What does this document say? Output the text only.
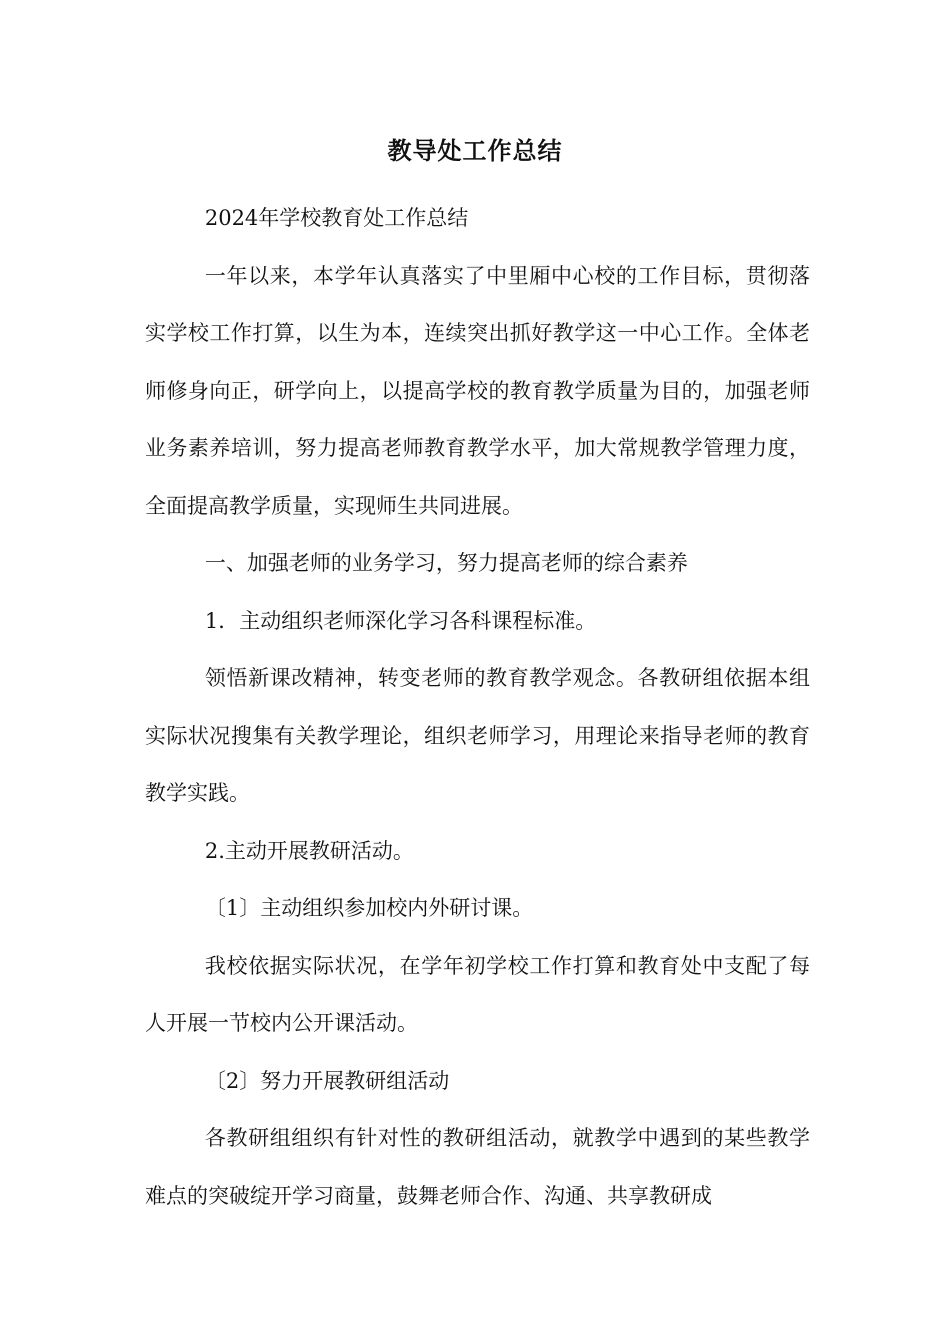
教导处工作总结

2024年学校教育处工作总结

一年以来，本学年认真落实了中里厢中心校的工作目标，贯彻落实学校工作打算，以生为本，连续突出抓好教学这一中心工作。全体老师修身向正，研学向上，以提高学校的教育教学质量为目的，加强老师业务素养培训，努力提高老师教育教学水平，加大常规教学管理力度，全面提高教学质量，实现师生共同进展。

一、加强老师的业务学习，努力提高老师的综合素养

1．主动组织老师深化学习各科课程标准。

领悟新课改精神，转变老师的教育教学观念。各教研组依据本组实际状况搜集有关教学理论，组织老师学习，用理论来指导老师的教育教学实践。

2.主动开展教研活动。

〔1〕主动组织参加校内外研讨课。

我校依据实际状况，在学年初学校工作打算和教育处中支配了每人开展一节校内公开课活动。

〔2〕努力开展教研组活动

各教研组组织有针对性的教研组活动，就教学中遇到的某些教学难点的突破绽开学习商量，鼓舞老师合作、沟通、共享教研成
